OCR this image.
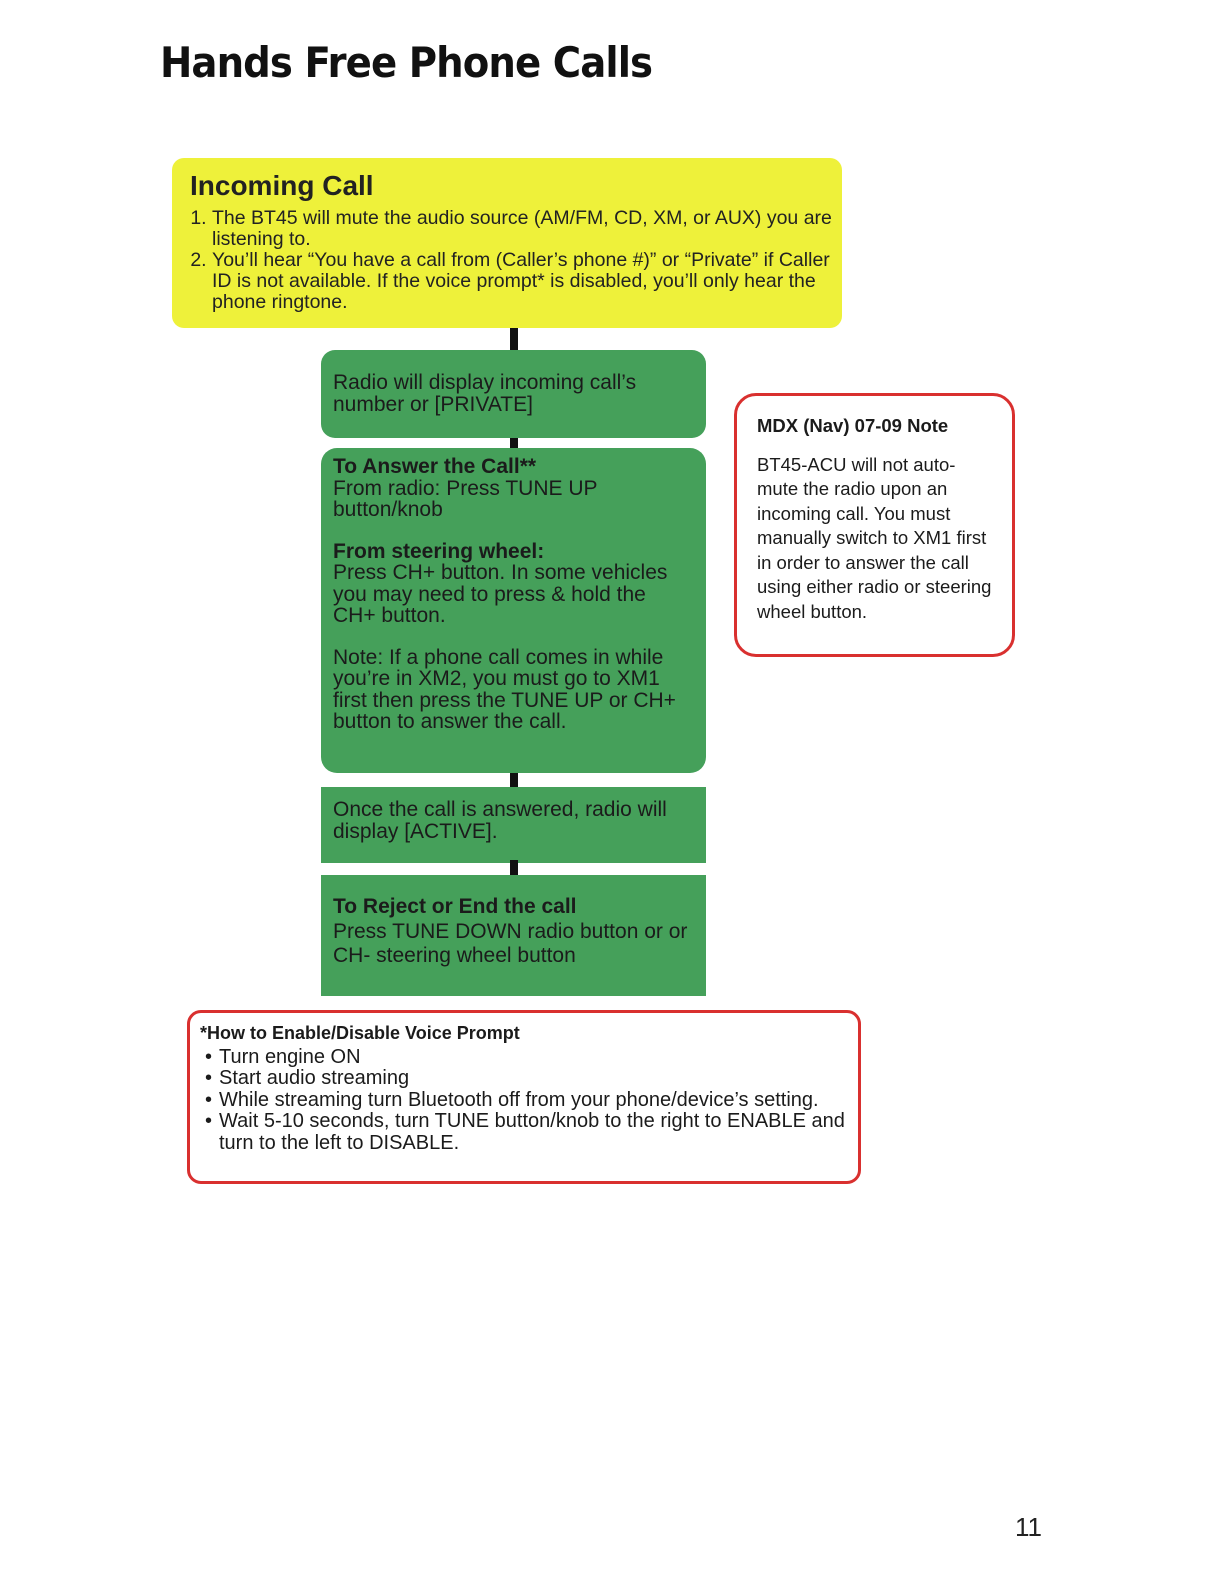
Hands Free Phone Calls
Incoming Call
1. The BT45 will mute the audio source (AM/FM, CD, XM, or AUX) you are listening to.
2. You’ll hear “You have a call from (Caller’s phone #)” or “Private” if Caller ID is not available. If the voice prompt* is disabled, you’ll only hear the phone ringtone.

Radio will display incoming call’s number or [PRIVATE]

To Answer the Call**

From radio: Press TUNE UP button/knob

From steering wheel:

Press CH+ button. In some vehicles you may need to press & hold the CH+ button.

Note: If a phone call comes in while you’re in XM2, you must go to XM1 first then press the TUNE UP or CH+ button to answer the call.

Once the call is answered, radio will display [ACTIVE].

To Reject or End the call

Press TUNE DOWN radio button or or CH- steering wheel button

MDX (Nav) 07-09 Note
BT45-ACU will not auto-mute the radio upon an incoming call. You must manually switch to XM1 first in order to answer the call using either radio or steering wheel button.
*How to Enable/Disable Voice Prompt
• Turn engine ON
• Start audio streaming
• While streaming turn Bluetooth off from your phone/device’s setting.
• Wait 5-10 seconds, turn TUNE button/knob to the right to ENABLE and turn to the left to DISABLE.
11
